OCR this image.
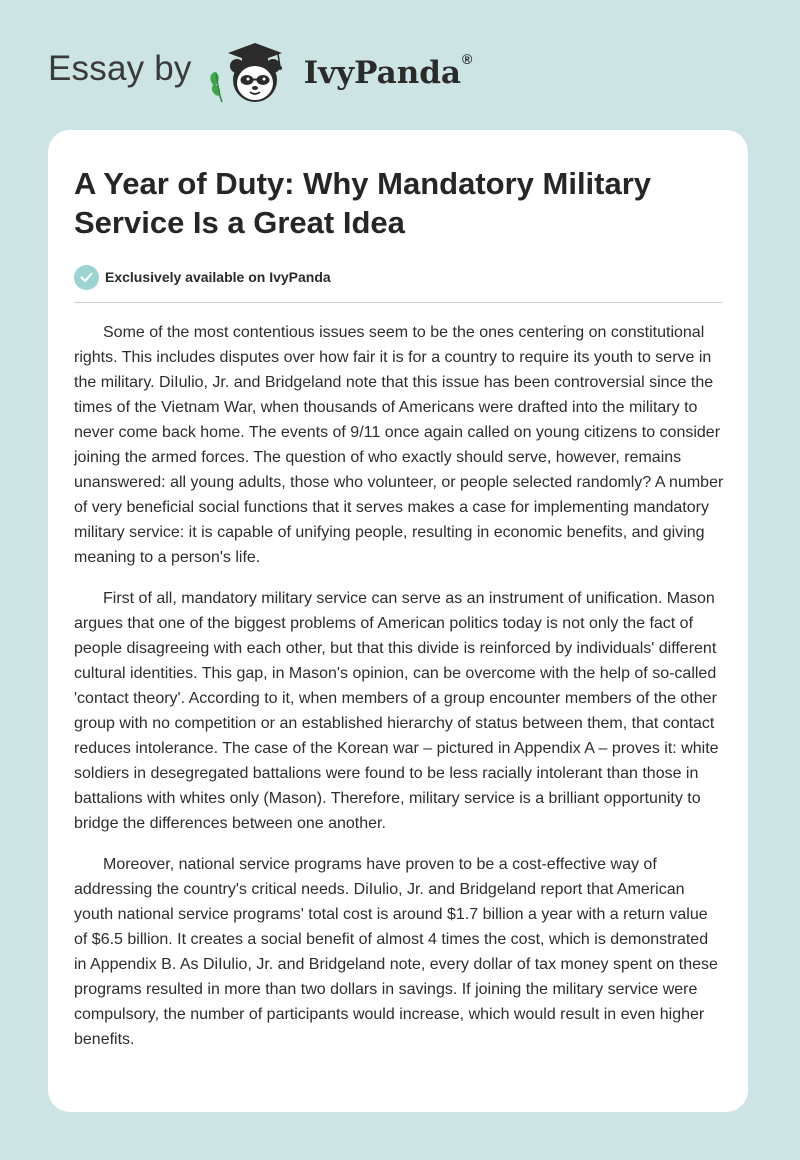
Essay by	IvyPanda®
A Year of Duty: Why Mandatory Military Service Is a Great Idea
Exclusively available on IvyPanda

Some of the most contentious issues seem to be the ones centering on constitutional rights. This includes disputes over how fair it is for a country to require its youth to serve in the military. DiIulio, Jr. and Bridgeland note that this issue has been controversial since the times of the Vietnam War, when thousands of Americans were drafted into the military to never come back home. The events of 9/11 once again called on young citizens to consider joining the armed forces. The question of who exactly should serve, however, remains unanswered: all young adults, those who volunteer, or people selected randomly? A number of very beneficial social functions that it serves makes a case for implementing mandatory military service: it is capable of unifying people, resulting in economic benefits, and giving meaning to a person's life.

First of all, mandatory military service can serve as an instrument of unification. Mason argues that one of the biggest problems of American politics today is not only the fact of people disagreeing with each other, but that this divide is reinforced by individuals' different cultural identities. This gap, in Mason's opinion, can be overcome with the help of so-called 'contact theory'. According to it, when members of a group encounter members of the other group with no competition or an established hierarchy of status between them, that contact reduces intolerance. The case of the Korean war – pictured in Appendix A – proves it: white soldiers in desegregated battalions were found to be less racially intolerant than those in battalions with whites only (Mason). Therefore, military service is a brilliant opportunity to bridge the differences between one another.

Moreover, national service programs have proven to be a cost-effective way of addressing the country's critical needs. DiIulio, Jr. and Bridgeland report that American youth national service programs' total cost is around $1.7 billion a year with a return value of $6.5 billion. It creates a social benefit of almost 4 times the cost, which is demonstrated in Appendix B. As DiIulio, Jr. and Bridgeland note, every dollar of tax money spent on these programs resulted in more than two dollars in savings. If joining the military service were compulsory, the number of participants would increase, which would result in even higher benefits.
